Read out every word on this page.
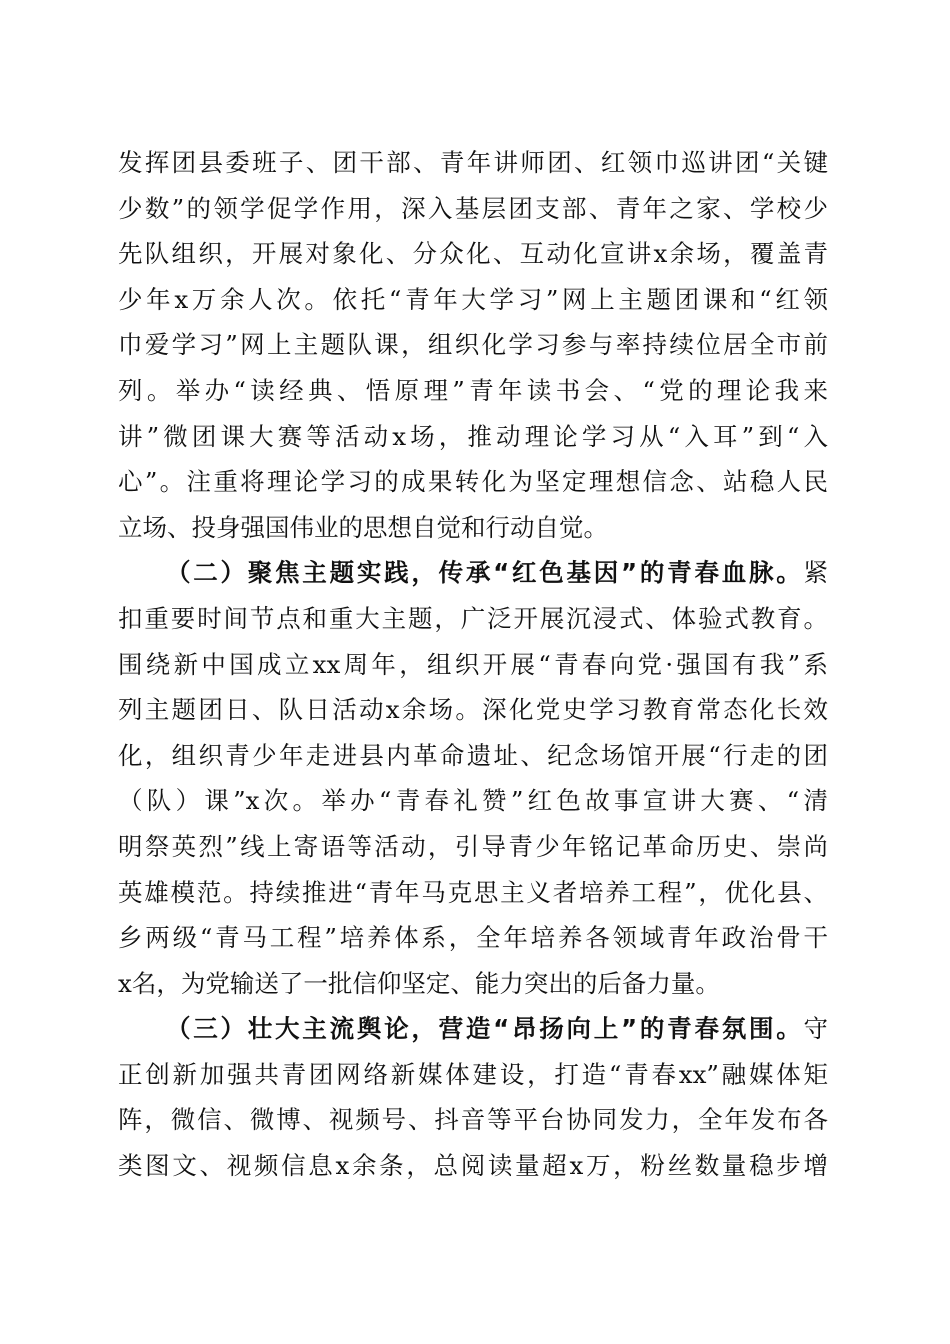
发挥团县委班子、团干部、青年讲师团、红领巾巡讲团“关键
少数”的领学促学作用，深入基层团支部、青年之家、学校少
先队组织，开展对象化、分众化、互动化宣讲x余场，覆盖青
少年x万余人次。依托“青年大学习”网上主题团课和“红领
巾爱学习”网上主题队课，组织化学习参与率持续位居全市前
列。举办“读经典、悟原理”青年读书会、“党的理论我来
讲”微团课大赛等活动x场，推动理论学习从“入耳”到“入
心”。注重将理论学习的成果转化为坚定理想信念、站稳人民
立场、投身强国伟业的思想自觉和行动自觉。
（二）聚焦主题实践，传承“红色基因”的青春血脉。紧
扣重要时间节点和重大主题，广泛开展沉浸式、体验式教育。
围绕新中国成立xx周年，组织开展“青春向党·强国有我”系
列主题团日、队日活动x余场。深化党史学习教育常态化长效
化，组织青少年走进县内革命遗址、纪念场馆开展“行走的团
（队）课”x次。举办“青春礼赞”红色故事宣讲大赛、“清
明祭英烈”线上寄语等活动，引导青少年铭记革命历史、崇尚
英雄模范。持续推进“青年马克思主义者培养工程”，优化县、
乡两级“青马工程”培养体系，全年培养各领域青年政治骨干
x名，为党输送了一批信仰坚定、能力突出的后备力量。
（三）壮大主流舆论，营造“昂扬向上”的青春氛围。守
正创新加强共青团网络新媒体建设，打造“青春xx”融媒体矩
阵，微信、微博、视频号、抖音等平台协同发力，全年发布各
类图文、视频信息x余条，总阅读量超x万，粉丝数量稳步增
